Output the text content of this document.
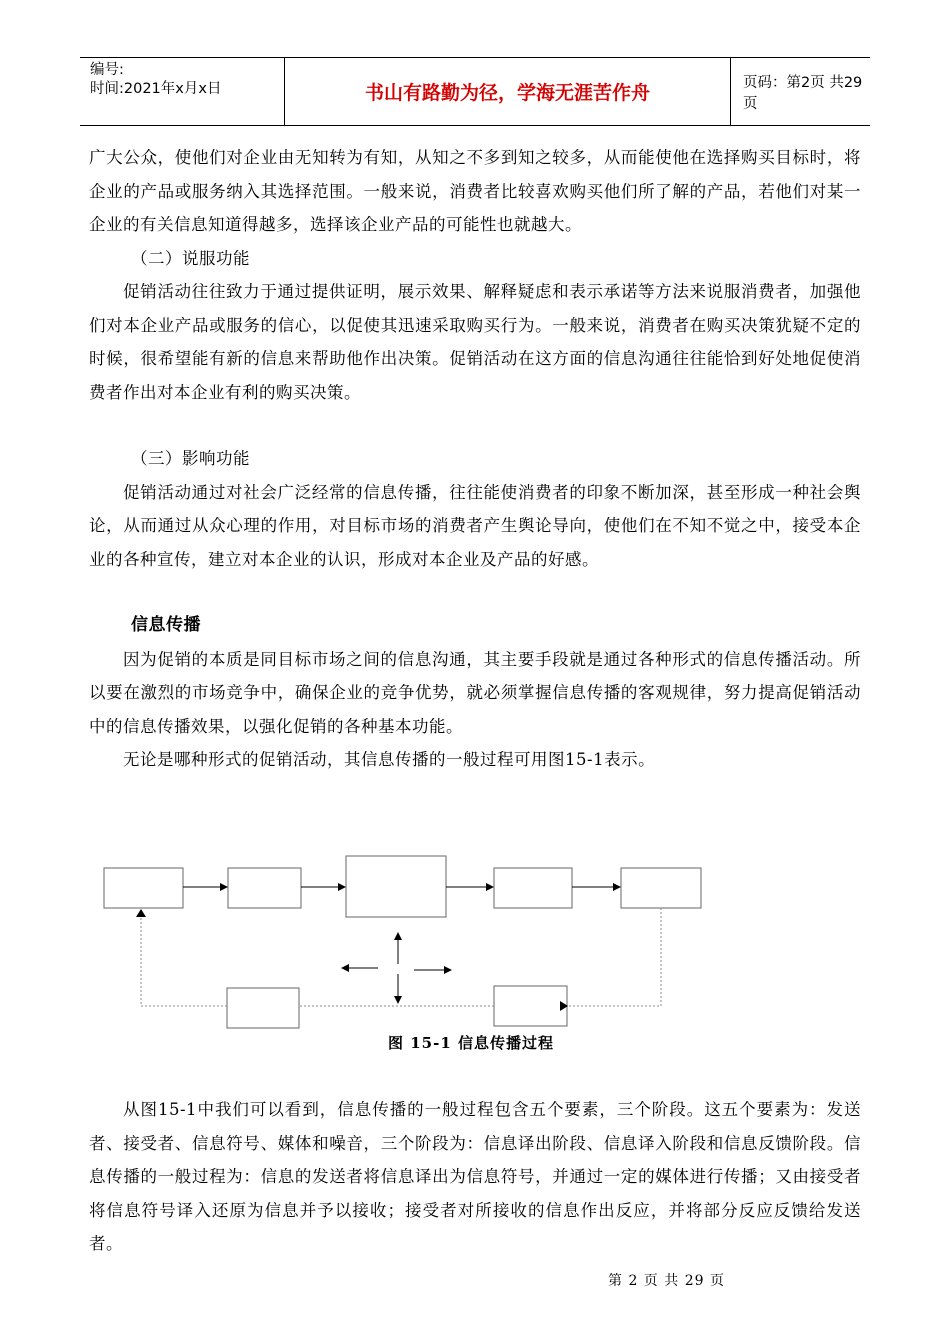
编号:
时间:2021年x月x日	书山有路勤为径，学海无涯苦作舟	页码：第2页 共29页

广大公众，使他们对企业由无知转为有知，从知之不多到知之较多，从而能使他在选择购买目标时，将企业的产品或服务纳入其选择范围。一般来说，消费者比较喜欢购买他们所了解的产品，若他们对某一企业的有关信息知道得越多，选择该企业产品的可能性也就越大。

（二）说服功能

促销活动往往致力于通过提供证明，展示效果、解释疑虑和表示承诺等方法来说服消费者，加强他们对本企业产品或服务的信心，以促使其迅速采取购买行为。一般来说，消费者在购买决策犹疑不定的时候，很希望能有新的信息来帮助他作出决策。促销活动在这方面的信息沟通往往能恰到好处地促使消费者作出对本企业有利的购买决策。

（三）影响功能

促销活动通过对社会广泛经常的信息传播，往往能使消费者的印象不断加深，甚至形成一种社会舆论，从而通过从众心理的作用，对目标市场的消费者产生舆论导向，使他们在不知不觉之中，接受本企业的各种宣传，建立对本企业的认识，形成对本企业及产品的好感。

信息传播

因为促销的本质是同目标市场之间的信息沟通，其主要手段就是通过各种形式的信息传播活动。所以要在激烈的市场竞争中，确保企业的竞争优势，就必须掌握信息传播的客观规律，努力提高促销活动中的信息传播效果，以强化促销的各种基本功能。

无论是哪种形式的促销活动，其信息传播的一般过程可用图15-1表示。

图 15-1 信息传播过程

从图15-1中我们可以看到，信息传播的一般过程包含五个要素，三个阶段。这五个要素为：发送者、接受者、信息符号、媒体和噪音，三个阶段为：信息译出阶段、信息译入阶段和信息反馈阶段。信息传播的一般过程为：信息的发送者将信息译出为信息符号，并通过一定的媒体进行传播；又由接受者将信息符号译入还原为信息并予以接收；接受者对所接收的信息作出反应，并将部分反应反馈给发送者。

第 2 页 共 29 页
